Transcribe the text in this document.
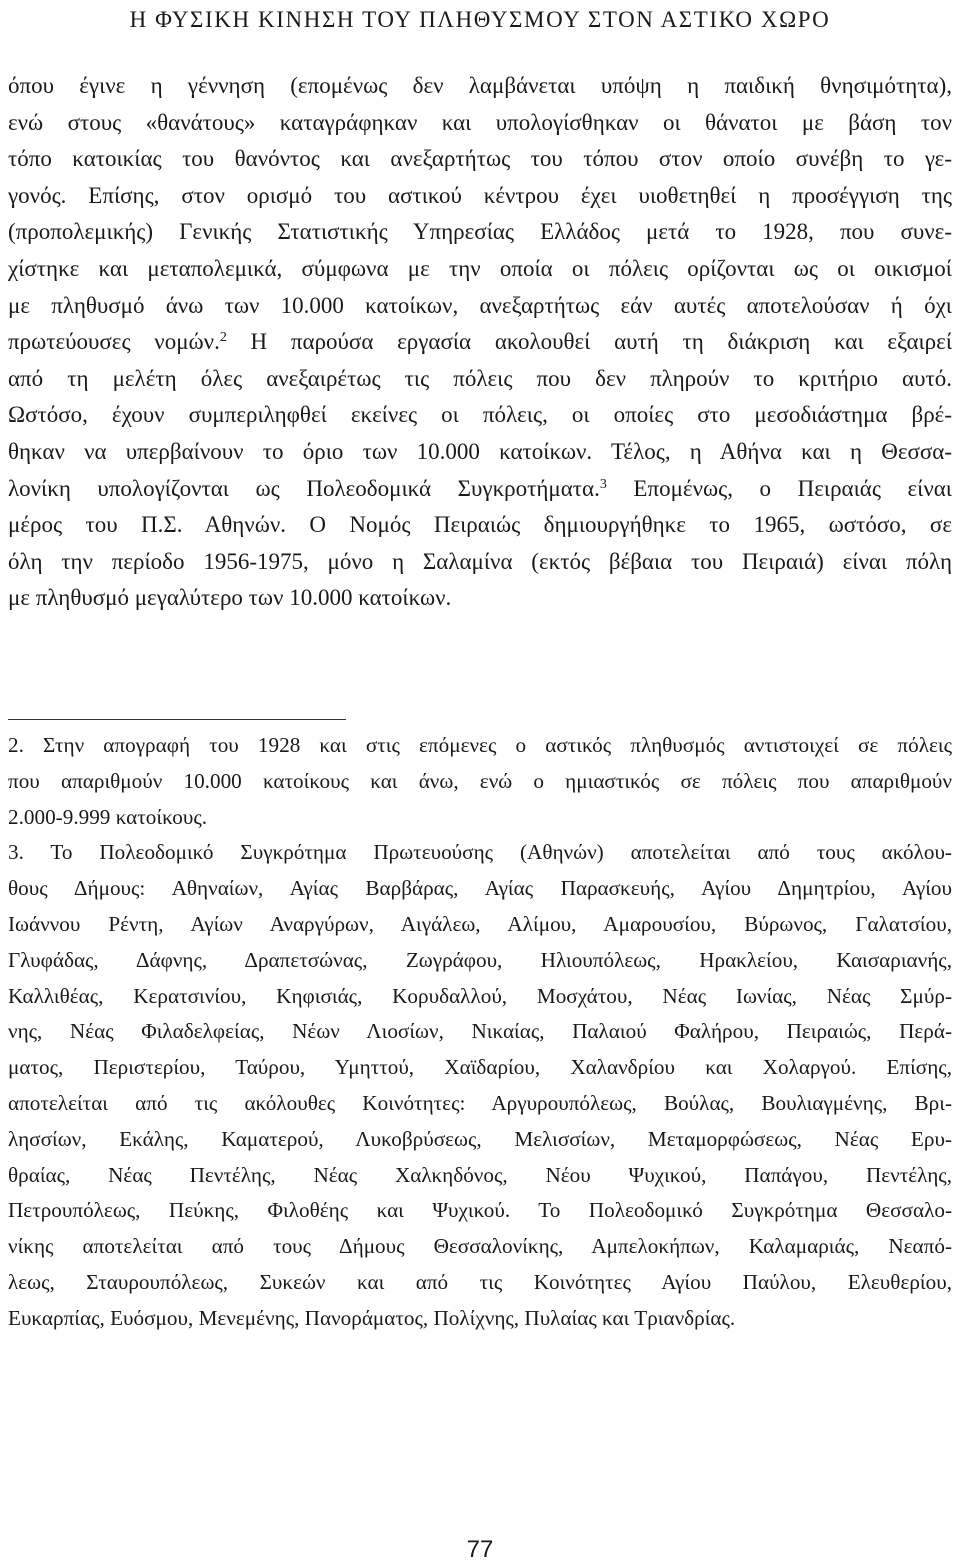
Η ΦΥΣΙΚΗ ΚΙΝΗΣΗ ΤΟΥ ΠΛΗΘΥΣΜΟΥ ΣΤΟΝ ΑΣΤΙΚΟ ΧΩΡΟ
όπου έγινε η γέννηση (επομένως δεν λαμβάνεται υπόψη η παιδική θνησιμότητα),
ενώ στους «θανάτους» καταγράφηκαν και υπολογίσθηκαν οι θάνατοι με βάση τον
τόπο κατοικίας του θανόντος και ανεξαρτήτως του τόπου στον οποίο συνέβη το γε-
γονός. Επίσης, στον ορισμό του αστικού κέντρου έχει υιοθετηθεί η προσέγγιση της
(προπολεμικής) Γενικής Στατιστικής Υπηρεσίας Ελλάδος μετά το 1928, που συνε-
χίστηκε και μεταπολεμικά, σύμφωνα με την οποία οι πόλεις ορίζονται ως οι οικισμοί
με πληθυσμό άνω των 10.000 κατοίκων, ανεξαρτήτως εάν αυτές αποτελούσαν ή όχι
πρωτεύουσες νομών.$^2$ Η παρούσα εργασία ακολουθεί αυτή τη διάκριση και εξαιρεί
από τη μελέτη όλες ανεξαιρέτως τις πόλεις που δεν πληρούν το κριτήριο αυτό.
Ωστόσο, έχουν συμπεριληφθεί εκείνες οι πόλεις, οι οποίες στο μεσοδιάστημα βρέ-
θηκαν να υπερβαίνουν το όριο των 10.000 κατοίκων. Τέλος, η Αθήνα και η Θεσσα-
λονίκη υπολογίζονται ως Πολεοδομικά Συγκροτήματα.$^3$ Επομένως, ο Πειραιάς είναι
μέρος του Π.Σ. Αθηνών. Ο Νομός Πειραιώς δημιουργήθηκε το 1965, ωστόσο, σε
όλη την περίοδο 1956-1975, μόνο η Σαλαμίνα (εκτός βέβαια του Πειραιά) είναι πόλη
με πληθυσμό μεγαλύτερο των 10.000 κατοίκων.
2. Στην απογραφή του 1928 και στις επόμενες ο αστικός πληθυσμός αντιστοιχεί σε πόλεις
που απαριθμούν 10.000 κατοίκους και άνω, ενώ ο ημιαστικός σε πόλεις που απαριθμούν
2.000-9.999 κατοίκους.
3. Το Πολεοδομικό Συγκρότημα Πρωτευούσης (Αθηνών) αποτελείται από τους ακόλου-
θους Δήμους: Αθηναίων, Αγίας Βαρβάρας, Αγίας Παρασκευής, Αγίου Δημητρίου, Αγίου
Ιωάννου Ρέντη, Αγίων Αναργύρων, Αιγάλεω, Αλίμου, Αμαρουσίου, Βύρωνος, Γαλατσίου,
Γλυφάδας, Δάφνης, Δραπετσώνας, Ζωγράφου, Ηλιουπόλεως, Ηρακλείου, Καισαριανής,
Καλλιθέας, Κερατσινίου, Κηφισιάς, Κορυδαλλού, Μοσχάτου, Νέας Ιωνίας, Νέας Σμύρ-
νης, Νέας Φιλαδελφείας, Νέων Λιοσίων, Νικαίας, Παλαιού Φαλήρου, Πειραιώς, Περά-
ματος, Περιστερίου, Ταύρου, Υμηττού, Χαϊδαρίου, Χαλανδρίου και Χολαργού. Επίσης,
αποτελείται από τις ακόλουθες Κοινότητες: Αργυρουπόλεως, Βούλας, Βουλιαγμένης, Βρι-
λησσίων, Εκάλης, Καματερού, Λυκοβρύσεως, Μελισσίων, Μεταμορφώσεως, Νέας Ερυ-
θραίας, Νέας Πεντέλης, Νέας Χαλκηδόνος, Νέου Ψυχικού, Παπάγου, Πεντέλης,
Πετρουπόλεως, Πεύκης, Φιλοθέης και Ψυχικού. Το Πολεοδομικό Συγκρότημα Θεσσαλο-
νίκης αποτελείται από τους Δήμους Θεσσαλονίκης, Αμπελοκήπων, Καλαμαριάς, Νεαπό-
λεως, Σταυρουπόλεως, Συκεών και από τις Κοινότητες Αγίου Παύλου, Ελευθερίου,
Ευκαρπίας, Ευόσμου, Μενεμένης, Πανοράματος, Πολίχνης, Πυλαίας και Τριανδρίας.
77
